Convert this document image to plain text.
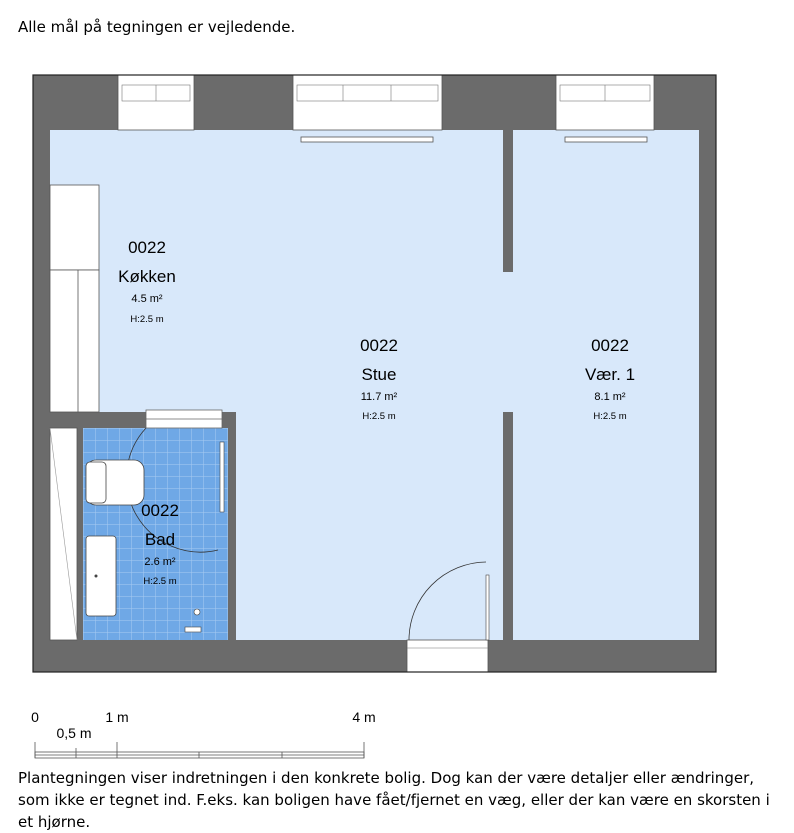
Alle mål på tegningen er vejledende.
0022
Køkken
4.5 m²
H:2.5 m
0022
Stue
11.7 m²
H:2.5 m
0022
Vær. 1
8.1 m²
H:2.5 m
0022
Bad
2.6 m²
H:2.5 m
0
0,5 m
1 m	4 m
Plantegningen viser indretningen i den konkrete bolig. Dog kan der være detaljer eller ændringer, som ikke er tegnet ind. F.eks. kan boligen have fået/fjernet en væg, eller der kan være en skorsten i et hjørne.
